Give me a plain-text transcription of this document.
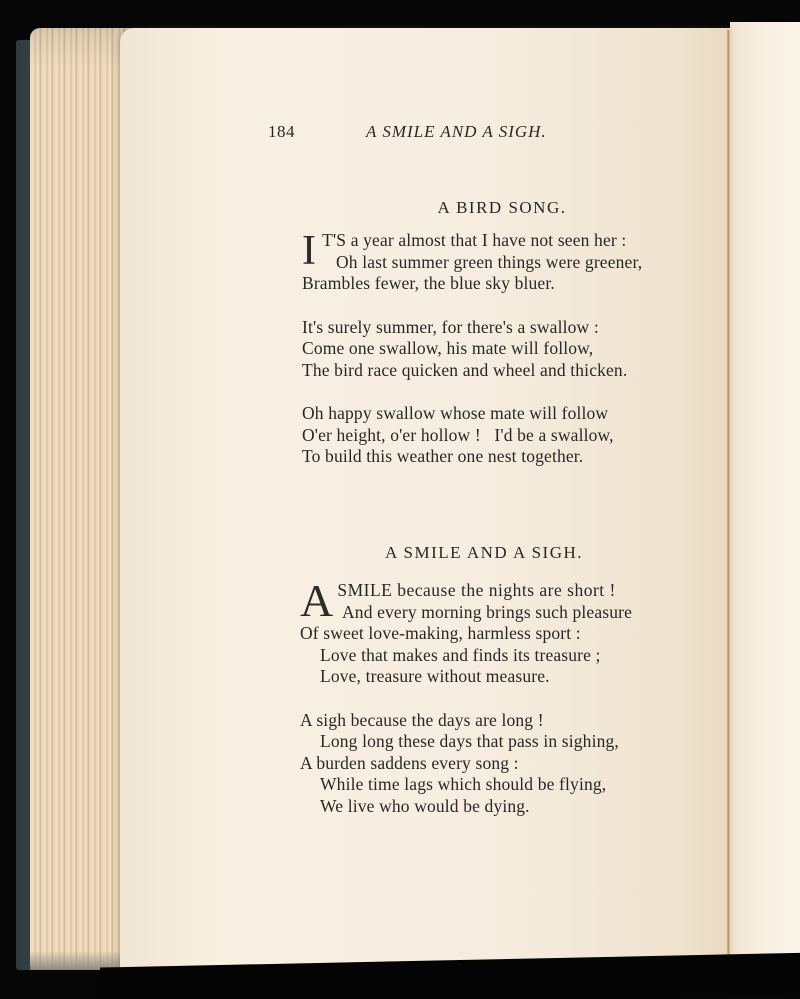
184	A SMILE AND A SIGH.
A BIRD SONG.
I T'S a year almost that I have not seen her :
Oh last summer green things were greener,
Brambles fewer, the blue sky bluer.
It's surely summer, for there's a swallow :
Come one swallow, his mate will follow,
The bird race quicken and wheel and thicken.
Oh happy swallow whose mate will follow
O'er height, o'er hollow !   I'd be a swallow,
To build this weather one nest together.
A SMILE AND A SIGH.
A SMILE because the nights are short !
And every morning brings such pleasure
Of sweet love-making, harmless sport :
Love that makes and finds its treasure ;
Love, treasure without measure.
A sigh because the days are long !
Long long these days that pass in sighing,
A burden saddens every song :
While time lags which should be flying,
We live who would be dying.
